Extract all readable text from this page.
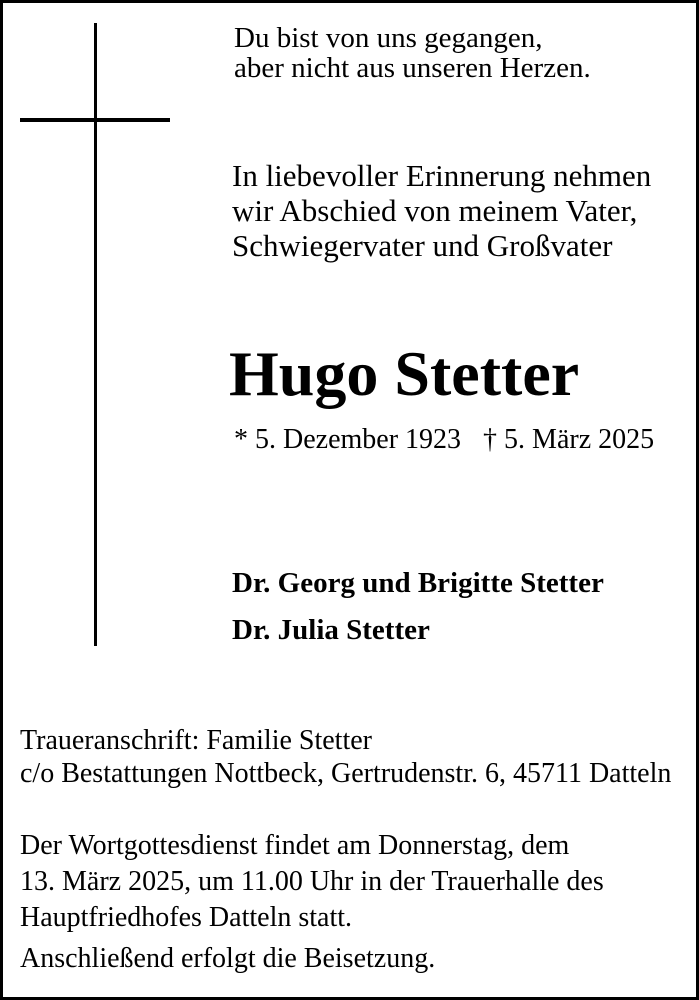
Du bist von uns gegangen,
aber nicht aus unseren Herzen.
In liebevoller Erinnerung nehmen
wir Abschied von meinem Vater,
Schwiegervater und Großvater
Hugo Stetter
* 5. Dezember 1923 † 5. März 2025
Dr. Georg und Brigitte Stetter
Dr. Julia Stetter
Traueranschrift: Familie Stetter
c/o Bestattungen Nottbeck, Gertrudenstr. 6, 45711 Datteln
Der Wortgottesdienst findet am Donnerstag, dem
13. März 2025, um 11.00 Uhr in der Trauerhalle des
Hauptfriedhofes Datteln statt.
Anschließend erfolgt die Beisetzung.
